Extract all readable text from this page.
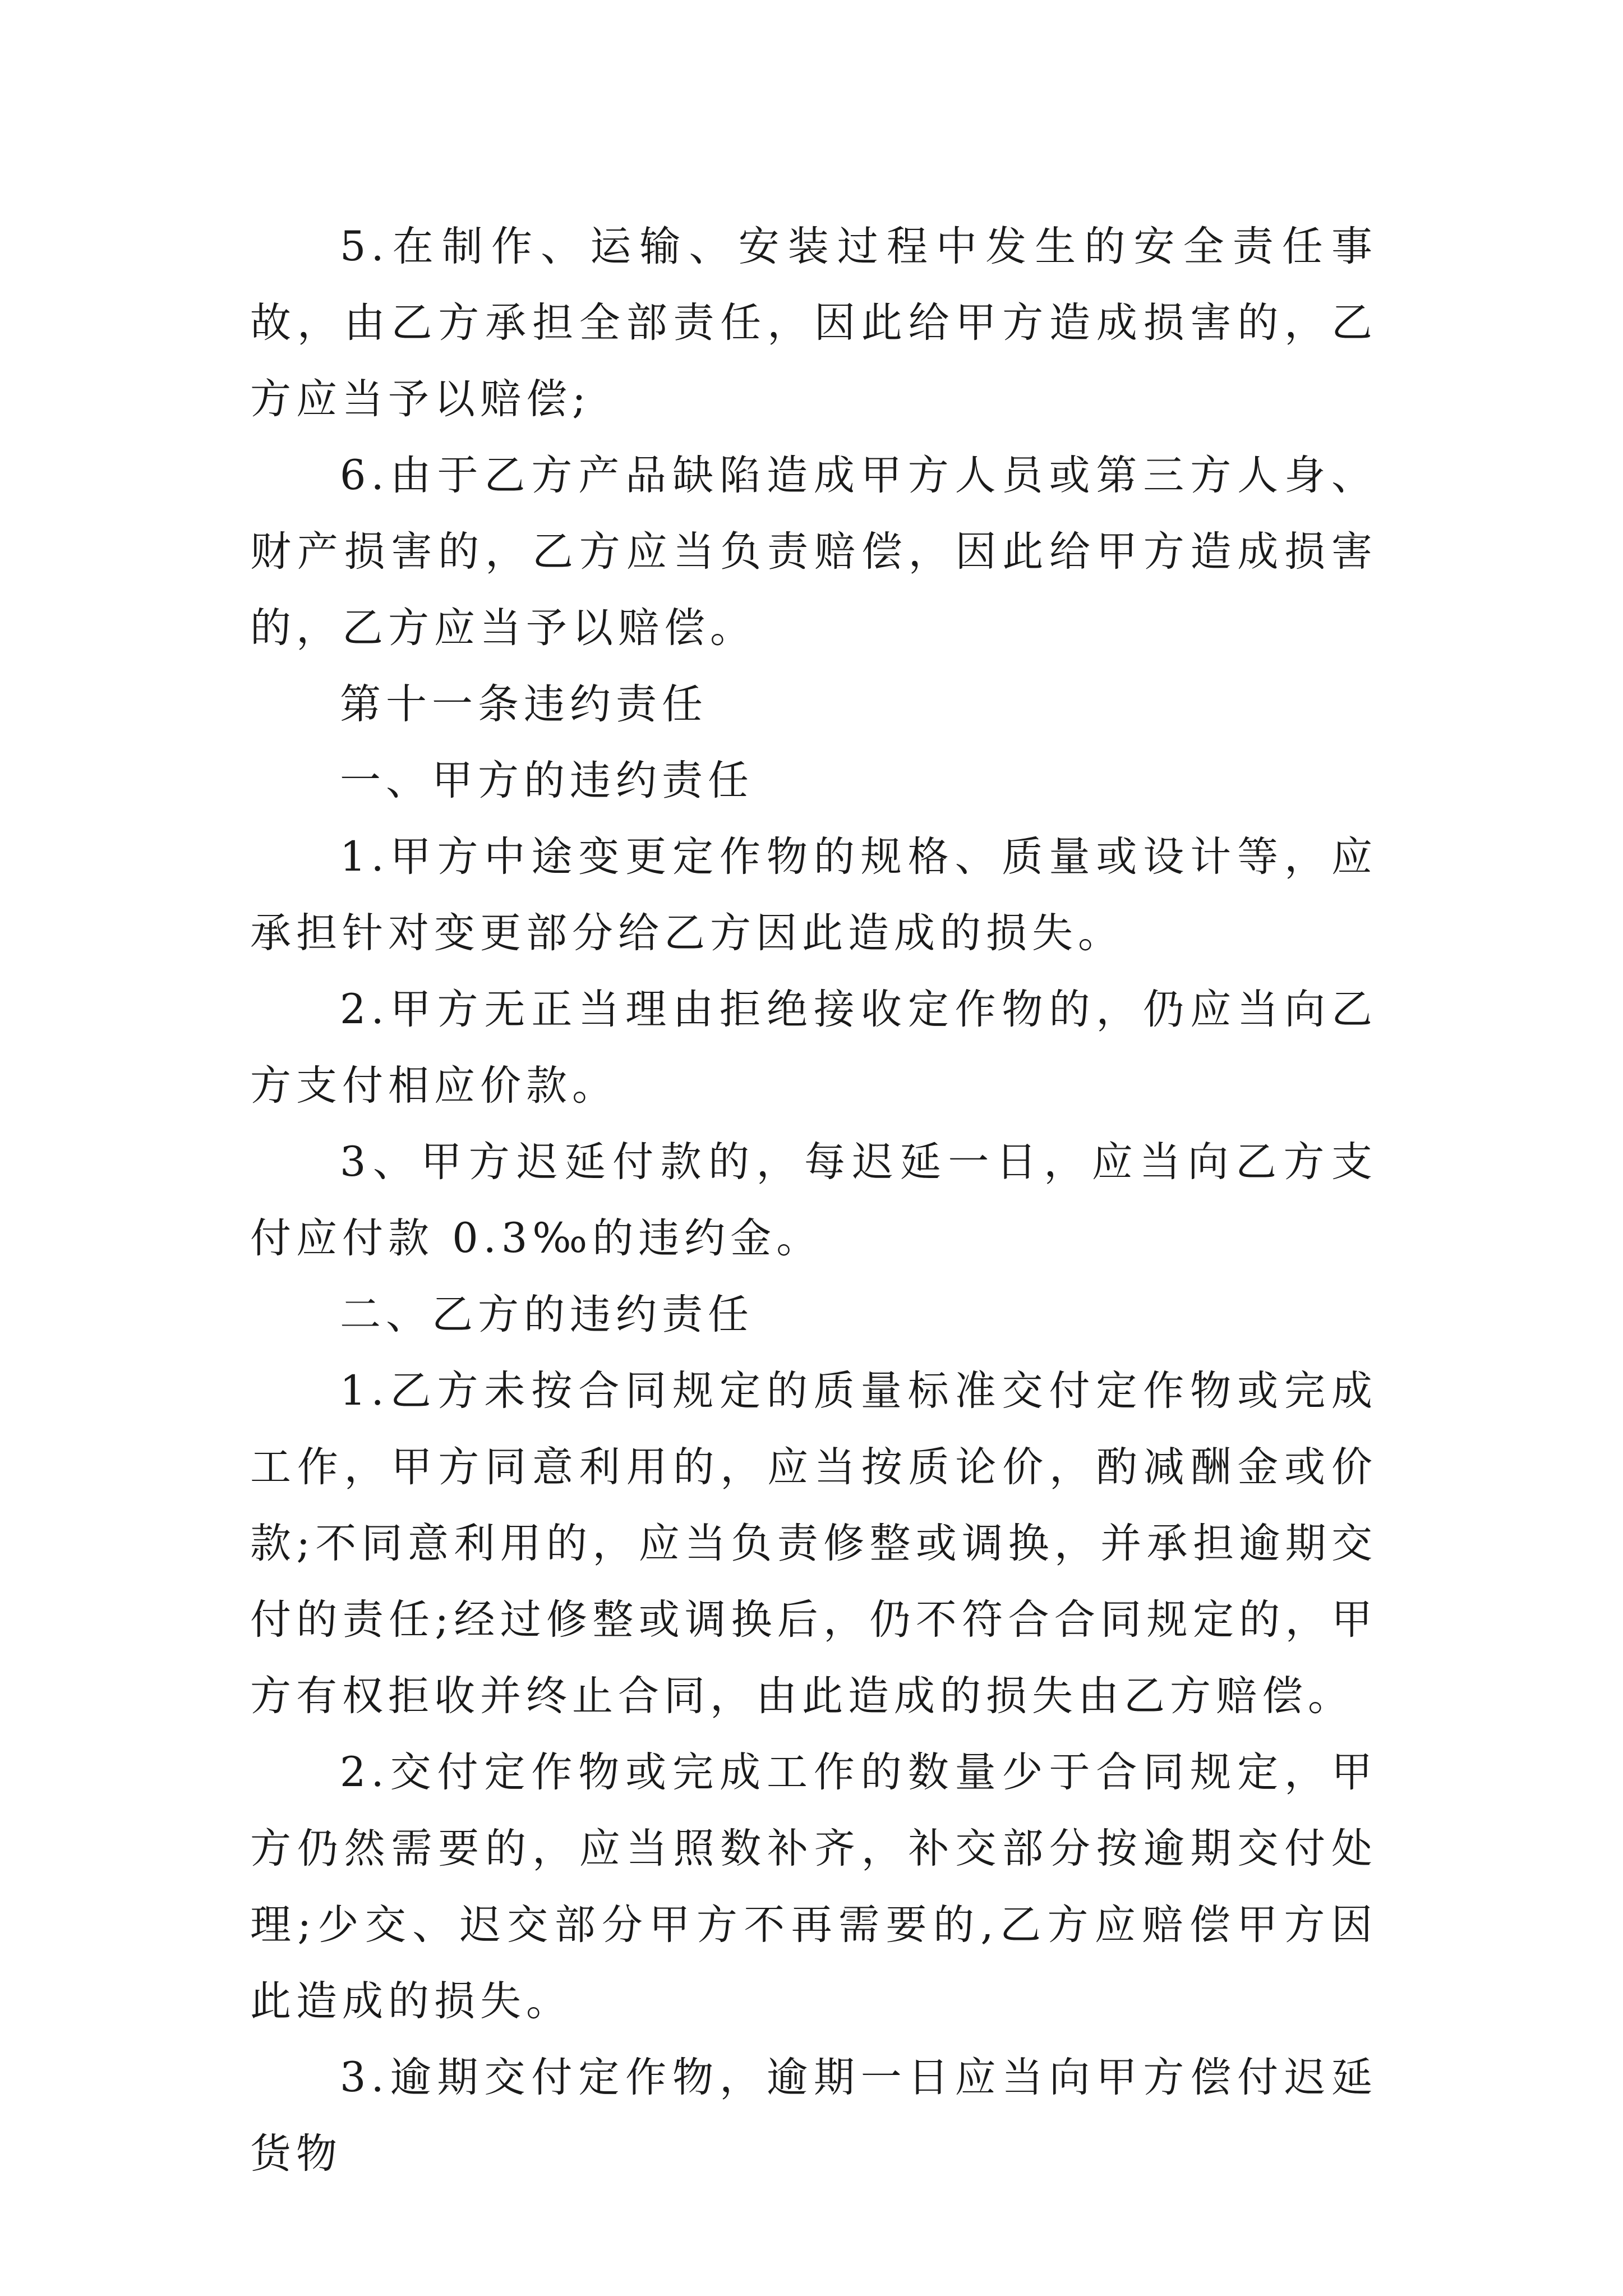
5.在制作、运输、安装过程中发生的安全责任事故，由乙方承担全部责任，因此给甲方造成损害的，乙方应当予以赔偿;

6.由于乙方产品缺陷造成甲方人员或第三方人身、财产损害的，乙方应当负责赔偿，因此给甲方造成损害的，乙方应当予以赔偿。

第十一条违约责任

一、甲方的违约责任

1.甲方中途变更定作物的规格、质量或设计等，应承担针对变更部分给乙方因此造成的损失。

2.甲方无正当理由拒绝接收定作物的，仍应当向乙方支付相应价款。

3、甲方迟延付款的，每迟延一日，应当向乙方支付应付款 0.3‰的违约金。

二、乙方的违约责任

1.乙方未按合同规定的质量标准交付定作物或完成工作，甲方同意利用的，应当按质论价，酌减酬金或价款;不同意利用的，应当负责修整或调换，并承担逾期交付的责任;经过修整或调换后，仍不符合合同规定的，甲方有权拒收并终止合同，由此造成的损失由乙方赔偿。

2.交付定作物或完成工作的数量少于合同规定，甲方仍然需要的，应当照数补齐，补交部分按逾期交付处理;少交、迟交部分甲方不再需要的,乙方应赔偿甲方因此造成的损失。

3.逾期交付定作物，逾期一日应当向甲方偿付迟延货物
